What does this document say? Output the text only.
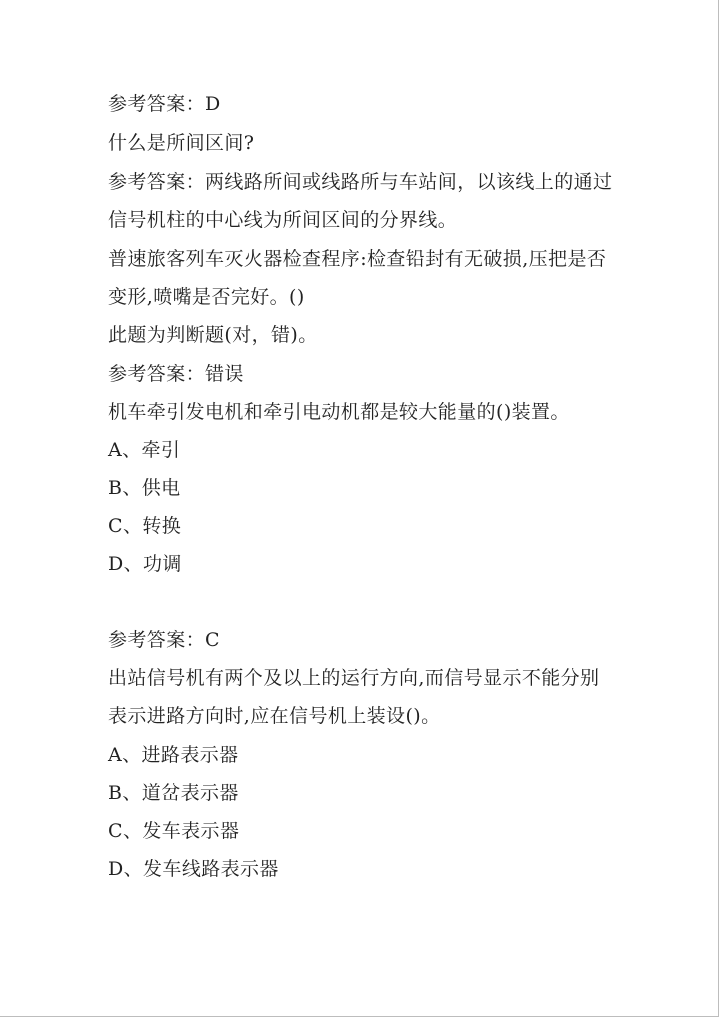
参考答案：D
什么是所间区间?
参考答案：两线路所间或线路所与车站间，以该线上的通过
信号机柱的中心线为所间区间的分界线。
普速旅客列车灭火器检查程序:检查铅封有无破损,压把是否
变形,喷嘴是否完好。()
此题为判断题(对，错)。
参考答案：错误
机车牵引发电机和牵引电动机都是较大能量的()装置。
A、牵引
B、供电
C、转换
D、功调
参考答案：C
出站信号机有两个及以上的运行方向,而信号显示不能分别
表示进路方向时,应在信号机上装设()。
A、进路表示器
B、道岔表示器
C、发车表示器
D、发车线路表示器
